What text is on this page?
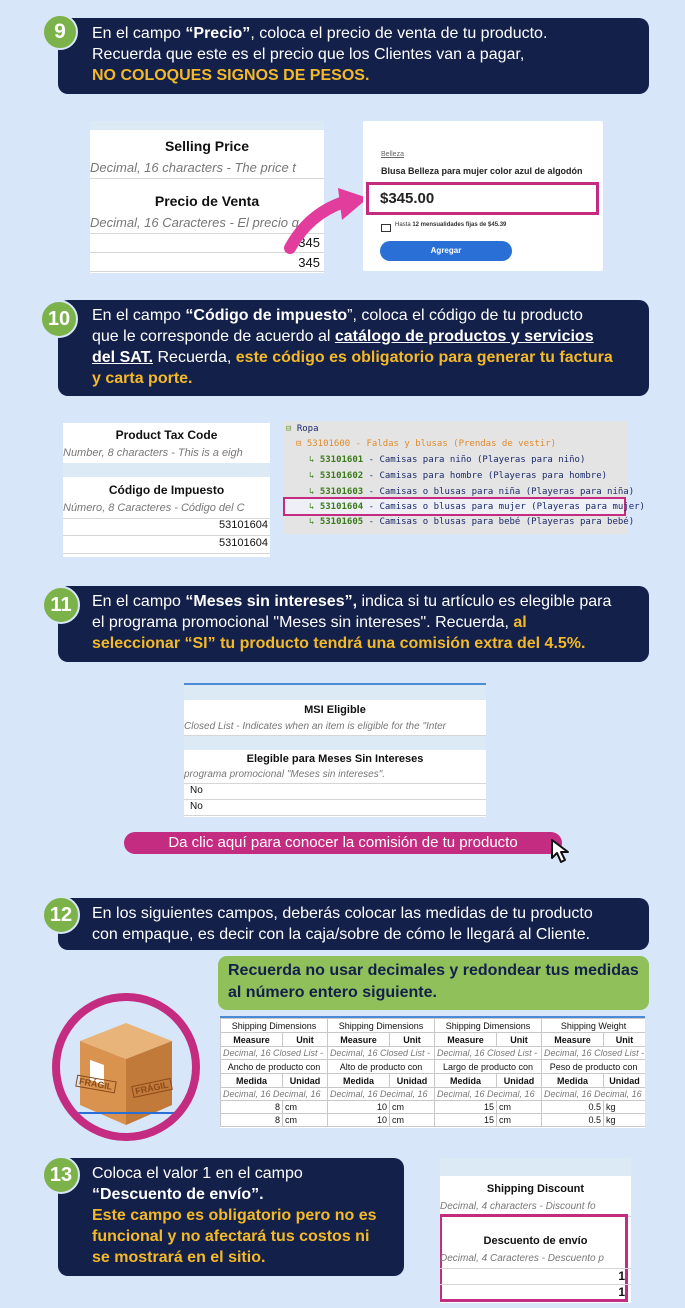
En el campo “Precio”, coloca el precio de venta de tu producto.
Recuerda que este es el precio que los Clientes van a pagar,
NO COLOQUES SIGNOS DE PESOS.
9
Selling Price
Decimal, 16 characters - The price t
Precio de Venta
Decimal, 16 Caracteres - El precio q
345
345
Belleza
Blusa Belleza para mujer color azul de algodón
$345.00
Hasta 12 mensualidades fijas de $45.39
Agregar
En el campo “Código de impuesto”, coloca el código de tu producto
que le corresponde de acuerdo al catálogo de productos y servicios
del SAT. Recuerda, este código es obligatorio para generar tu factura
y carta porte.
10
Product Tax Code
Number, 8 characters - This is a eigh
Código de Impuesto
Número, 8 Caracteres - Código del C
53101604
53101604
⊟ Ropa
⊟ 53101600 - Faldas y blusas (Prendas de vestir)
↳ 53101601 - Camisas para niño (Playeras para niño)
↳ 53101602 - Camisas para hombre (Playeras para hombre)
↳ 53101603 - Camisas o blusas para niña (Playeras para niña)
↳ 53101604 - Camisas o blusas para mujer (Playeras para mujer)
↳ 53101605 - Camisas o blusas para bebé (Playeras para bebé)
En el campo “Meses sin intereses”, indica si tu artículo es elegible para
el programa promocional "Meses sin intereses". Recuerda, al
seleccionar “SI” tu producto tendrá una comisión extra del 4.5%.
11
MSI Eligible
Closed List - Indicates when an item is eligible for the "Inter
Elegible para Meses Sin Intereses
programa promocional "Meses sin intereses".
No
No
Da clic aquí para conocer la comisión de tu producto
En los siguientes campos, deberás colocar las medidas de tu producto
con empaque, es decir con la caja/sobre de cómo le llegará al Cliente.
12
Recuerda no usar decimales y redondear tus medidas
al número entero siguiente.
FRÁGIL	FRÁGIL
Shipping Dimensions		Shipping Dimensions		Shipping Dimensions		Shipping Weight	
Measure	Unit	Measure	Unit	Measure	Unit	Measure	Unit
Decimal, 16 Closed List -		Decimal, 16 Closed List -		Decimal, 16 Closed List -		Decimal, 16 Closed List -	
Ancho de producto con		Alto de producto con		Largo de producto con		Peso de producto con	
Medida	Unidad	Medida	Unidad	Medida	Unidad	Medida	Unidad
Decimal, 16 Decimal, 16		Decimal, 16 Decimal, 16		Decimal, 16 Decimal, 16		Decimal, 16 Decimal, 16	
8	cm	10	cm	15	cm	0.5	kg
8	cm	10	cm	15	cm	0.5	kg
Coloca el valor 1 en el campo
“Descuento de envío”.
Este campo es obligatorio pero no es
funcional y no afectará tus costos ni
se mostrará en el sitio.
13
Shipping Discount
Decimal, 4 characters - Discount fo
Descuento de envío
Decimal, 4 Caracteres - Descuento p
1
1
